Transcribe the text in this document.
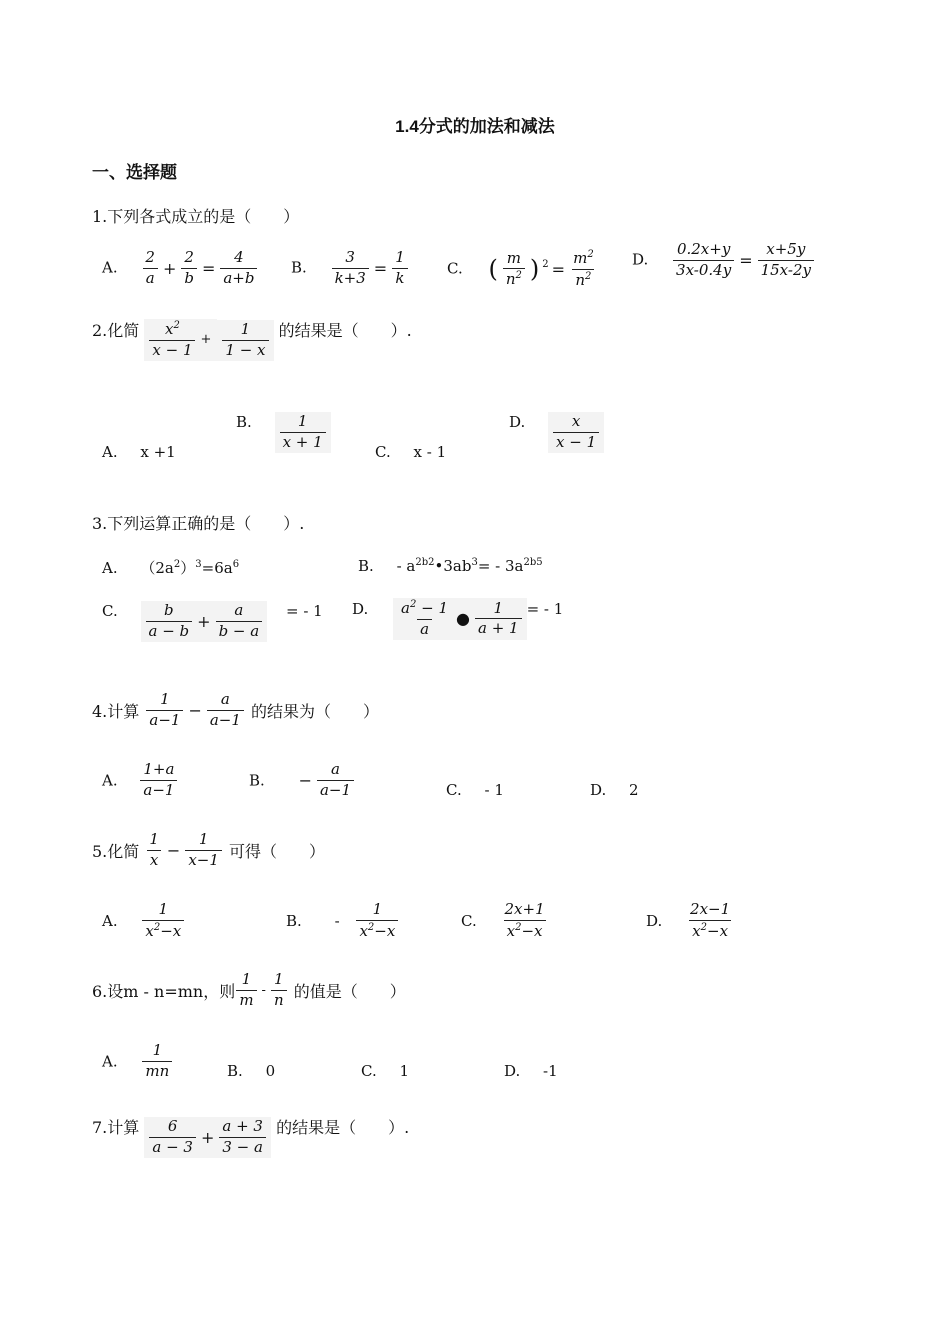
1.4分式的加法和减法
一、选择题
1.下列各式成立的是（　　）
A. $\frac{2}{a} + \frac{2}{b} = \frac{4}{a+b} B$. $\frac{3}{k+3} = \frac{1}{k}$	C. ( $\frac{m}{n^2}$ ) $^2 = \frac{m^2}{n^2} D$. $\frac{0.2x+y}{3x-0.4y} = \frac{x+5y}{15x-2y}$
2.化简 $\frac{x^2}{x - 1} + \frac{1}{1 - x}$ 的结果是（　　）.
A. x +1
B. $\frac{1}{x + 1}$
C. x - 1
D. $\frac{x}{x - 1}$
3.下列运算正确的是（　　）.
A. $(2a^2)^3=6a^6$	B. - $a^{2b2}•3ab^3= - 3a^{2b5}$
C. $\frac{b}{a - b} + \frac{a}{b - a}$ = - 1 D. $\frac{a^2 - 1}{a}$ ● $\frac{1}{a + 1}$ = - 1
4.计算 $\frac{1}{a-1} - \frac{a}{a-1}$ 的结果为（　　）
A. $\frac{1+a}{a-1}$	B. − $\frac{a}{a-1}$	C. - 1	D. 2
5.化简 $\frac{1}{x} - \frac{1}{x-1}$ 可得（　　）
A. $\frac{1}{x^2-x}$	B. - $\frac{1}{x^2-x}$	C. $\frac{2x+1}{x^2-x}$	D. $\frac{2x-1}{x^2-x}$
6.设m - n=mn，则 $\frac{1}{m} - \frac{1}{n}$ 的值是（　　）
A. $\frac{1}{mn}$	B. 0	C. 1	D. -1
7.计算 $\frac{6}{a - 3} + \frac{a + 3}{3 - a}$ 的结果是（　　）.
